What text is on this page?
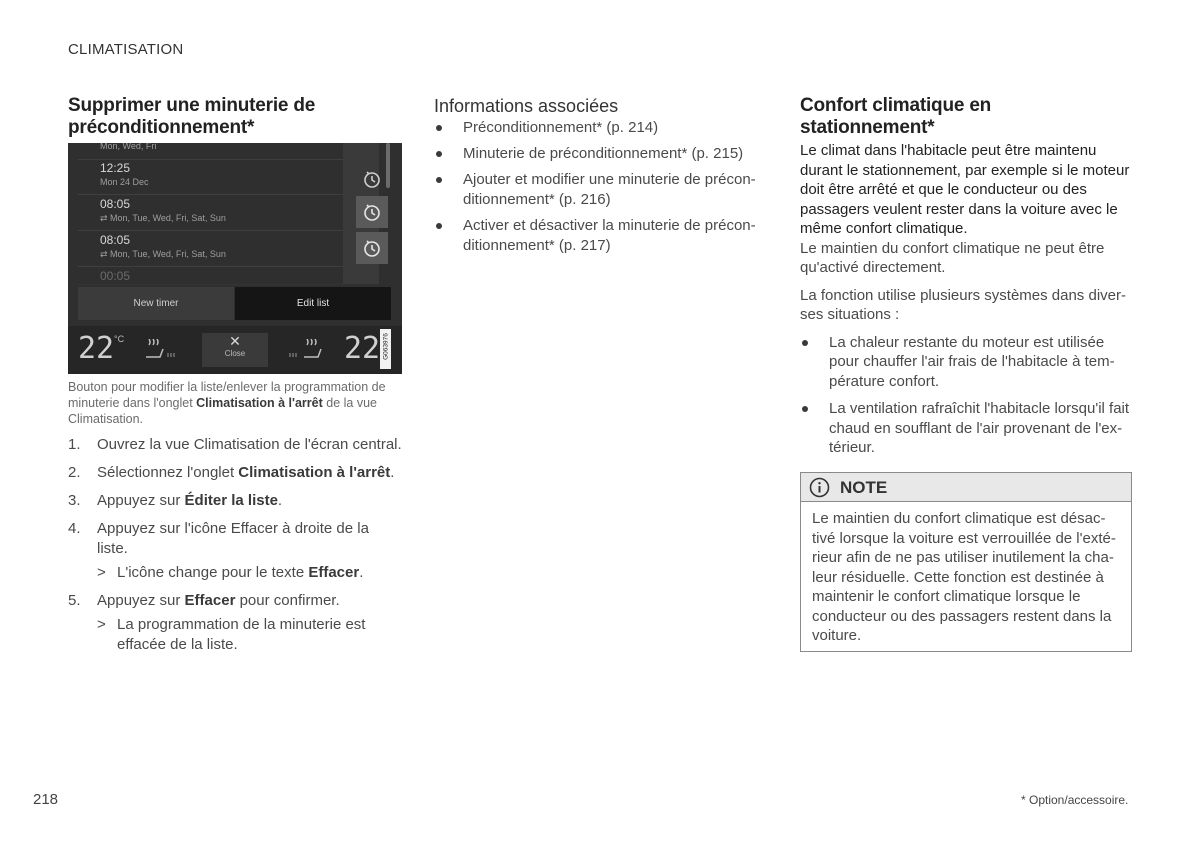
CLIMATISATION
Supprimer une minuterie de
préconditionnement*
Mon, Wed, Fri
12:25
Mon 24 Dec
08:05
⇄ Mon, Tue, Wed, Fri, Sat, Sun
08:05
⇄ Mon, Tue, Wed, Fri, Sat, Sun
00:05
New timer	Edit list
22 °C	✕
Close	22 G063976
Bouton pour modifier la liste/enlever la programmation de minuterie dans l'onglet Climatisation à l'arrêt de la vue Climatisation.
1. Ouvrez la vue Climatisation de l'écran central.
2. Sélectionnez l'onglet Climatisation à l'arrêt.
3. Appuyez sur Éditer la liste.
4. Appuyez sur l'icône Effacer à droite de la liste.
> L'icône change pour le texte Effacer.
5. Appuyez sur Effacer pour confirmer.
> La programmation de la minuterie est effacée de la liste.
Informations associées
Préconditionnement* (p. 214)
Minuterie de préconditionnement* (p. 215)
Ajouter et modifier une minuterie de préconditionnement* (p. 216)
Activer et désactiver la minuterie de préconditionnement* (p. 217)
Confort climatique en
stationnement*

Le climat dans l'habitacle peut être maintenu durant le stationnement, par exemple si le moteur doit être arrêté et que le conducteur ou des passagers veulent rester dans la voiture avec le même confort climatique.

Le maintien du confort climatique ne peut être qu'activé directement.

La fonction utilise plusieurs systèmes dans diverses situations :

La chaleur restante du moteur est utilisée pour chauffer l'air frais de l'habitacle à température confort.
La ventilation rafraîchit l'habitacle lorsqu'il fait chaud en soufflant de l'air provenant de l'extérieur.
NOTE
Le maintien du confort climatique est désactivé lorsque la voiture est verrouillée de l'extérieur afin de ne pas utiliser inutilement la chaleur résiduelle. Cette fonction est destinée à maintenir le confort climatique lorsque le conducteur ou des passagers restent dans la voiture.
218	* Option/accessoire.
